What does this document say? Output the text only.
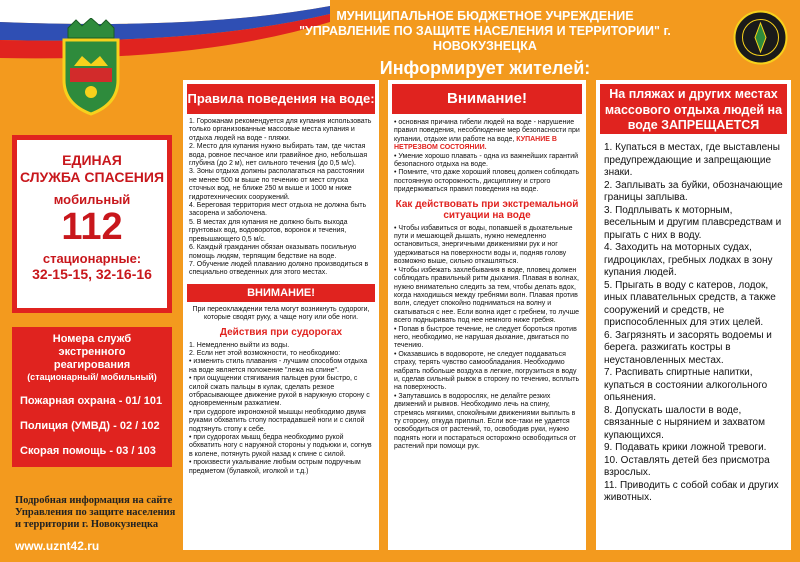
МУНИЦИПАЛЬНОЕ БЮДЖЕТНОЕ УЧРЕЖДЕНИЕ
"УПРАВЛЕНИЕ ПО ЗАЩИТЕ НАСЕЛЕНИЯ И ТЕРРИТОРИИ" г. НОВОКУЗНЕЦКА
Информирует жителей:
ЕДИНАЯ
СЛУЖБА СПАСЕНИЯ
мобильный
112
стационарные:
32-15-15, 32-16-16
Номера служб экстренного реагирования
(стационарный/ мобильный)
Пожарная охрана - 01/ 101
Полиция (УМВД) - 02 / 102
Скорая помощь - 03 / 103
Подробная информация на сайте Управления по защите населения и территории г. Новокузнецка
www.uznt42.ru
Правила поведения на воде:

1. Горожанам рекомендуется для купания использовать только организованные массовые места купания и отдыха людей на воде - пляжи.

2. Место для купания нужно выбирать там, где чистая вода, ровное песчаное или гравийное дно, небольшая глубина (до 2 м), нет сильного течения (до 0,5 м/с).

3. Зоны отдыха должны располагаться на расстоянии не менее 500 м выше по течению от мест спуска сточных вод, не ближе 250 м выше и 1000 м ниже гидротехнических сооружений.

4. Береговая территория мест отдыха не должна быть засорена и заболочена.

5. В местах для купания не должно быть выхода грунтовых вод, водоворотов, воронок и течения, превышающего 0,5 м/с.

6. Каждый гражданин обязан оказывать посильную помощь людям, терпящим бедствие на воде.

7. Обучение людей плаванию должно производиться в специально отведенных для этого местах.

ВНИМАНИЕ!

При переохлаждении тела могут возникнуть судороги, которые сводят руку, а чаще ногу или обе ноги.

Действия при судорогах

1. Немедленно выйти из воды.

2. Если нет этой возможности, то необходимо:

• изменить стиль плавания - лучшим способом отдыха на воде является положение "лежа на спине".

• при ощущении стягивания пальцев руки быстро, с силой сжать пальцы в кулак, сделать резкое отбрасывающее движение рукой в наружную сторону с одновременным разжатием.

• при судороге икроножной мышцы необходимо двумя руками обхватить стопу пострадавшей ноги и с силой подтянуть стопу к себе.

• при судорогах мышц бедра необходимо рукой обхватить ногу с наружной стороны у подъюки и, согнув в колене, потянуть рукой назад к спине с силой.

• произвести укалывание любым острым подручным предметом (булавкой, иголкой и т.д.)

Внимание!

• основная причина гибели людей на воде - нарушение правил поведения, несоблюдение мер безопасности при купании, отдыхе или работе на воде, КУПАНИЕ В НЕТРЕЗВОМ СОСТОЯНИИ.

• Умение хорошо плавать - одна из важнейших гарантий безопасного отдыха на воде.

• Помните, что даже хороший пловец должен соблюдать постоянную осторожность, дисциплину и строго придерживаться правил поведения на воде.

Как действовать при экстремальной ситуации на воде

• Чтобы избавиться от воды, попавшей в дыхательные пути и мешающей дышать, нужно немедленно остановиться, энергичными движениями рук и ног удерживаться на поверхности воды и, подняв голову возможно выше, сильно откашляться.

• Чтобы избежать захлебывания в воде, пловец должен соблюдать правильный ритм дыхания. Плавая в волнах, нужно внимательно следить за тем, чтобы делать вдох, когда находишься между гребнями волн. Плавая против волн, следует спокойно подниматься на волну и скатываться с нее. Если волна идет с гребнем, то лучше всего подныривать под нее немного ниже гребня.

• Попав в быстрое течение, не следует бороться против него, необходимо, не нарушая дыхание, двигаться по течению.

• Оказавшись в водовороте, не следует поддаваться страху, терять чувство самообладания. Необходимо набрать побольше воздуха в легкие, погрузиться в воду и, сделав сильный рывок в сторону по течению, всплыть на поверхность.

• Запутавшись в водорослях, не делайте резких движений и рывков. Необходимо лечь на спину, стремясь мягкими, спокойными движениями выплыть в ту сторону, откуда приплыл. Если все-таки не удается освободиться от растений, то, освободив руки, нужно поднять ноги и постараться осторожно освободиться от растений при помощи рук.

На пляжах и других местах массового отдыха людей на воде ЗАПРЕЩАЕТСЯ

1. Купаться в местах, где выставлены предупреждающие и запрещающие знаки.

2. Заплывать за буйки, обозначающие границы заплыва.

3. Подплывать к моторным, весельным и другим плавсредствам и прыгать с них в воду.

4. Заходить на моторных судах, гидроциклах, гребных лодках в зону купания людей.

5. Прыгать в воду с катеров, лодок, иных плавательных средств, а также сооружений и средств, не приспособленных для этих целей.

6. Загрязнять и засорять водоемы и берега. разжигать костры в неустановленных местах.

7. Распивать спиртные напитки, купаться в состоянии алкогольного опьянения.

8. Допускать шалости в воде, связанные с нырянием и захватом купающихся.

9. Подавать крики ложной тревоги.

10. Оставлять детей без присмотра взрослых.

11. Приводить с собой собак и других животных.
